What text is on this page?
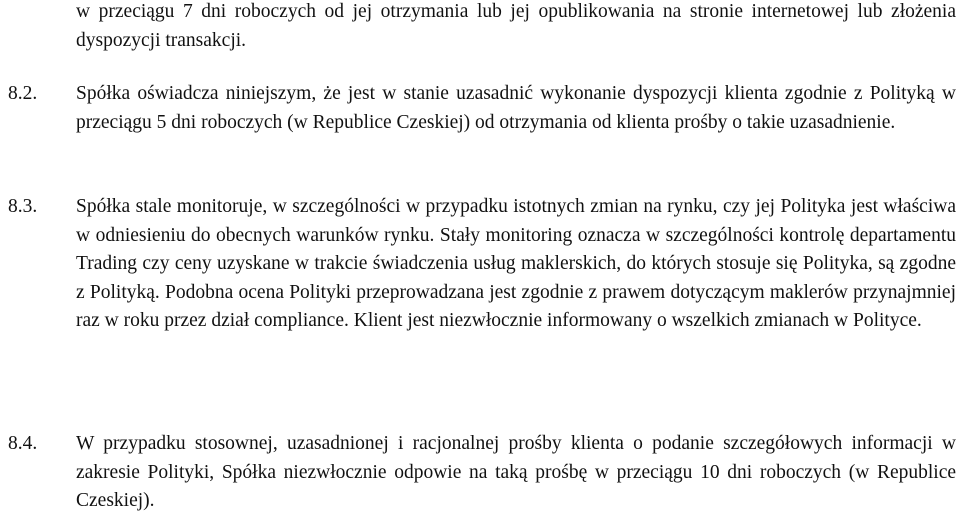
w przeciągu 7 dni roboczych od jej otrzymania lub jej opublikowania na stronie internetowej lub złożenia dyspozycji transakcji.
8.2. Spółka oświadcza niniejszym, że jest w stanie uzasadnić wykonanie dyspozycji klienta zgodnie z Polityką w przeciągu 5 dni roboczych (w Republice Czeskiej) od otrzymania od klienta prośby o takie uzasadnienie.
8.3. Spółka stale monitoruje, w szczególności w przypadku istotnych zmian na rynku, czy jej Polityka jest właściwa w odniesieniu do obecnych warunków rynku. Stały monitoring oznacza w szczególności kontrolę departamentu Trading czy ceny uzyskane w trakcie świadczenia usług maklerskich, do których stosuje się Polityka, są zgodne z Polityką. Podobna ocena Polityki przeprowadzana jest zgodnie z prawem dotyczącym maklerów przynajmniej raz w roku przez dział compliance. Klient jest niezwłocznie informowany o wszelkich zmianach w Polityce.
8.4. W przypadku stosownej, uzasadnionej i racjonalnej prośby klienta o podanie szczegółowych informacji w zakresie Polityki, Spółka niezwłocznie odpowie na taką prośbę w przeciągu 10 dni roboczych (w Republice Czeskiej).
